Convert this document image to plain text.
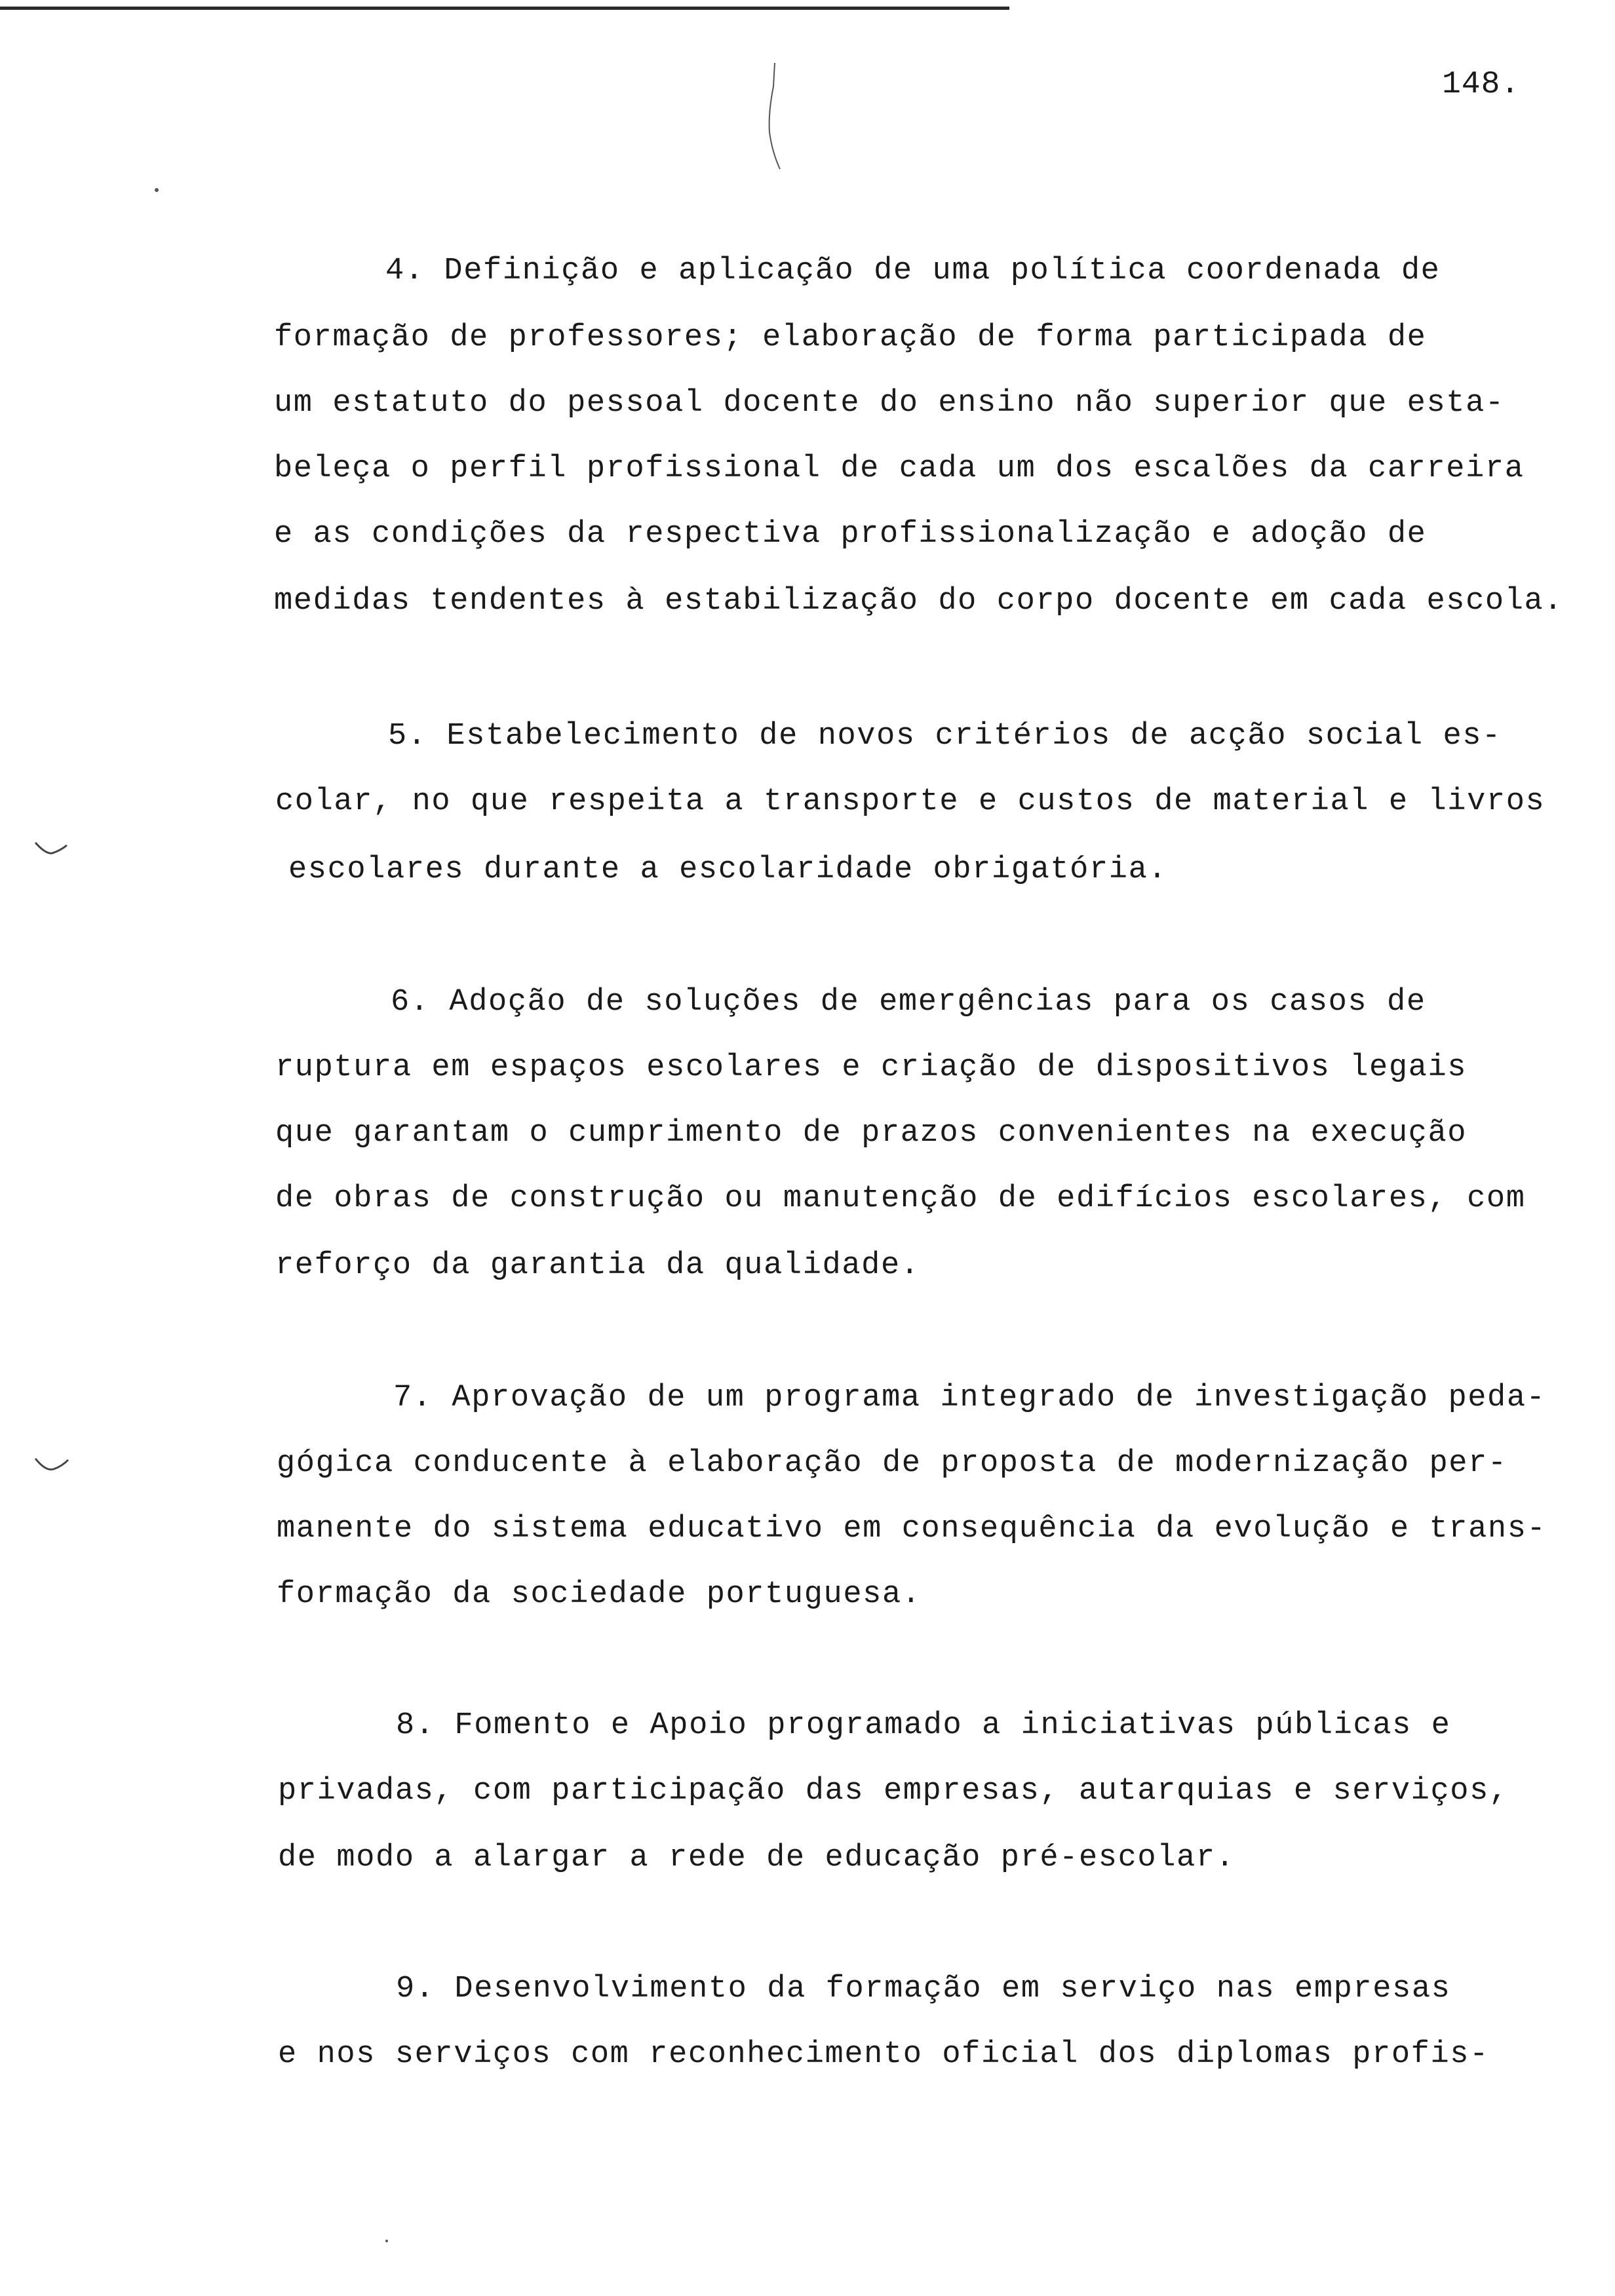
148.
4. Definição e aplicação de uma política coordenada de
formação de professores; elaboração de forma participada de
um estatuto do pessoal docente do ensino não superior que esta-
beleça o perfil profissional de cada um dos escalões da carreira
e as condições da respectiva profissionalização e adoção de
medidas tendentes à estabilização do corpo docente em cada escola.
5. Estabelecimento de novos critérios de acção social es-
colar, no que respeita a transporte e custos de material e livros
escolares durante a escolaridade obrigatória.
6. Adoção de soluções de emergências para os casos de
ruptura em espaços escolares e criação de dispositivos legais
que garantam o cumprimento de prazos convenientes na execução
de obras de construção ou manutenção de edifícios escolares, com
reforço da garantia da qualidade.
7. Aprovação de um programa integrado de investigação peda-
gógica conducente à elaboração de proposta de modernização per-
manente do sistema educativo em consequência da evolução e trans-
formação da sociedade portuguesa.
8. Fomento e Apoio programado a iniciativas públicas e
privadas, com participação das empresas, autarquias e serviços,
de modo a alargar a rede de educação pré-escolar.
9. Desenvolvimento da formação em serviço nas empresas
e nos serviços com reconhecimento oficial dos diplomas profis-
